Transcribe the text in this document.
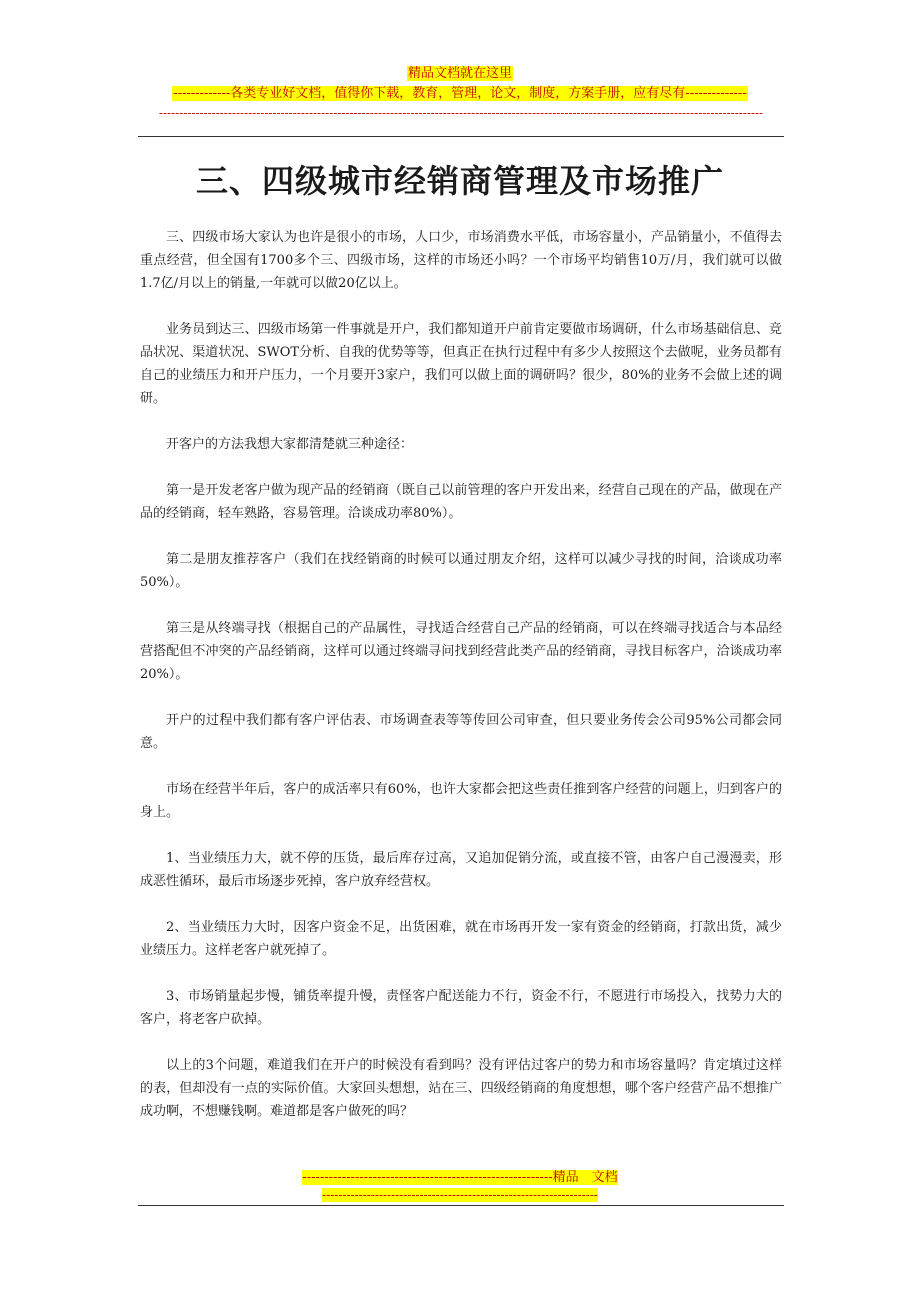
精品文档就在这里
-------------各类专业好文档，值得你下载，教育，管理，论文，制度，方案手册，应有尽有--------------
-----------------------------------------------------------------------------------------------------------------------------------------------------
三、四级城市经销商管理及市场推广

三、四级市场大家认为也许是很小的市场，人口少，市场消费水平低，市场容量小，产品销量小，不值得去重点经营，但全国有1700多个三、四级市场，这样的市场还小吗？一个市场平均销售10万/月，我们就可以做1.7亿/月以上的销量,一年就可以做20亿以上。

业务员到达三、四级市场第一件事就是开户，我们都知道开户前肯定要做市场调研，什么市场基础信息、竞品状况、渠道状况、SWOT分析、自我的优势等等，但真正在执行过程中有多少人按照这个去做呢，业务员都有自己的业绩压力和开户压力，一个月要开3家户，我们可以做上面的调研吗？很少，80%的业务不会做上述的调研。

开客户的方法我想大家都清楚就三种途径：

第一是开发老客户做为现产品的经销商（既自己以前管理的客户开发出来，经营自己现在的产品，做现在产品的经销商，轻车熟路，容易管理。洽谈成功率80%）。

第二是朋友推荐客户（我们在找经销商的时候可以通过朋友介绍，这样可以减少寻找的时间，洽谈成功率50%）。

第三是从终端寻找（根据自己的产品属性，寻找适合经营自己产品的经销商，可以在终端寻找适合与本品经营搭配但不冲突的产品经销商，这样可以通过终端寻问找到经营此类产品的经销商，寻找目标客户，洽谈成功率20%）。

开户的过程中我们都有客户评估表、市场调查表等等传回公司审查，但只要业务传会公司95%公司都会同意。

市场在经营半年后，客户的成活率只有60%，也许大家都会把这些责任推到客户经营的问题上，归到客户的身上。

1、当业绩压力大，就不停的压货，最后库存过高，又追加促销分流，或直接不管，由客户自己漫漫卖，形成恶性循环，最后市场逐步死掉，客户放弃经营权。

2、当业绩压力大时，因客户资金不足，出货困难，就在市场再开发一家有资金的经销商，打款出货，减少业绩压力。这样老客户就死掉了。

3、市场销量起步慢，铺货率提升慢，责怪客户配送能力不行，资金不行，不愿进行市场投入，找势力大的客户，将老客户砍掉。

以上的3个问题，难道我们在开户的时候没有看到吗？没有评估过客户的势力和市场容量吗？肯定填过这样的表，但却没有一点的实际价值。大家回头想想，站在三、四级经销商的角度想想，哪个客户经营产品不想推广成功啊，不想赚钱啊。难道都是客户做死的吗？

---------------------------------------------------------精品　文档
--------------------------------------------------------------------
